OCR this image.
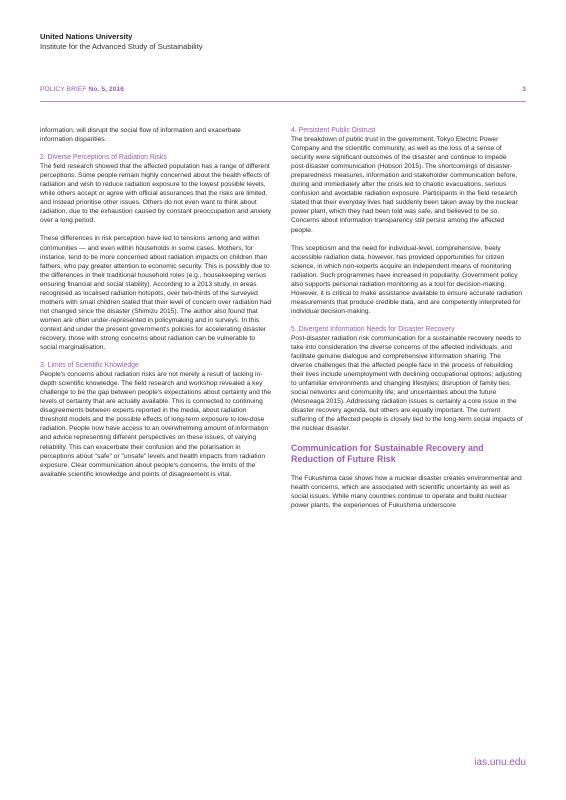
United Nations University
Institute for the Advanced Study of Sustainability
POLICY BRIEF No. 5, 2016	3

information, will disrupt the social flow of information and exacerbate information disparities.

2. Diverse Perceptions of Radiation Risks

The field research showed that the affected population has a range of different perceptions. Some people remain highly concerned about the health effects of radiation and wish to reduce radiation exposure to the lowest possible levels, while others accept or agree with official assurances that the risks are limited, and instead prioritise other issues. Others do not even want to think about radiation, due to the exhaustion caused by constant preoccupation and anxiety over a long period.

These differences in risk perception have led to tensions among and within communities — and even within households in some cases. Mothers, for instance, tend to be more concerned about radiation impacts on children than fathers, who pay greater attention to economic security. This is possibly due to the differences in their traditional household roles (e.g., housekeeping versus ensuring financial and social stability). According to a 2013 study, in areas recognised as localised radiation hotspots, over two-thirds of the surveyed mothers with small children stated that their level of concern over radiation had not changed since the disaster (Shimizu 2015). The author also found that women are often under-represented in policymaking and in surveys. In this context and under the present government's policies for accelerating disaster recovery, those with strong concerns about radiation can be vulnerable to social marginalisation.

3. Limits of Scientific Knowledge

People's concerns about radiation risks are not merely a result of lacking in-depth scientific knowledge. The field research and workshop revealed a key challenge to be the gap between people's expectations about certainty and the levels of certainty that are actually available. This is connected to continuing disagreements between experts reported in the media, about radiation threshold models and the possible effects of long-term exposure to low-dose radiation. People now have access to an overwhelming amount of information and advice representing different perspectives on these issues, of varying reliability. This can exacerbate their confusion and the polarisation in perceptions about "safe" or "unsafe" levels and health impacts from radiation exposure. Clear communication about people's concerns, the limits of the available scientific knowledge and points of disagreement is vital.

4. Persistent Public Distrust

The breakdown of public trust in the government, Tokyo Electric Power Company and the scientific community, as well as the loss of a sense of security were significant outcomes of the disaster and continue to impede post-disaster communication (Hobson 2015). The shortcomings of disaster-preparedness measures, information and stakeholder communication before, during and immediately after the crisis led to chaotic evacuations, serious confusion and avoidable radiation exposure. Participants in the field research stated that their everyday lives had suddenly been taken away by the nuclear power plant, which they had been told was safe, and believed to be so. Concerns about information transparency still persist among the affected people.

This scepticism and the need for individual-level, comprehensive, freely accessible radiation data, however, has provided opportunities for citizen science, in which non-experts acquire an independent means of monitoring radiation. Such programmes have increased in popularity. Government policy also supports personal radiation monitoring as a tool for decision-making. However, it is critical to make assistance available to ensure accurate radiation measurements that produce credible data, and are competently interpreted for individual decision-making.

5. Divergent Information Needs for Disaster Recovery

Post-disaster radiation risk communication for a sustainable recovery needs to take into consideration the diverse concerns of the affected individuals, and facilitate genuine dialogue and comprehensive information sharing. The diverse challenges that the affected people face in the process of rebuilding their lives include unemployment with declining occupational options; adjusting to unfamiliar environments and changing lifestyles; disruption of family ties, social networks and community life; and uncertainties about the future (Mosneaga 2015). Addressing radiation issues is certainly a core issue in the disaster recovery agenda, but others are equally important. The current suffering of the affected people is closely tied to the long-term social impacts of the nuclear disaster.

Communication for Sustainable Recovery and Reduction of Future Risk

The Fukushima case shows how a nuclear disaster creates environmental and health concerns, which are associated with scientific uncertainty as well as social issues. While many countries continue to operate and build nuclear power plants, the experiences of Fukushima underscore

ias.unu.edu
